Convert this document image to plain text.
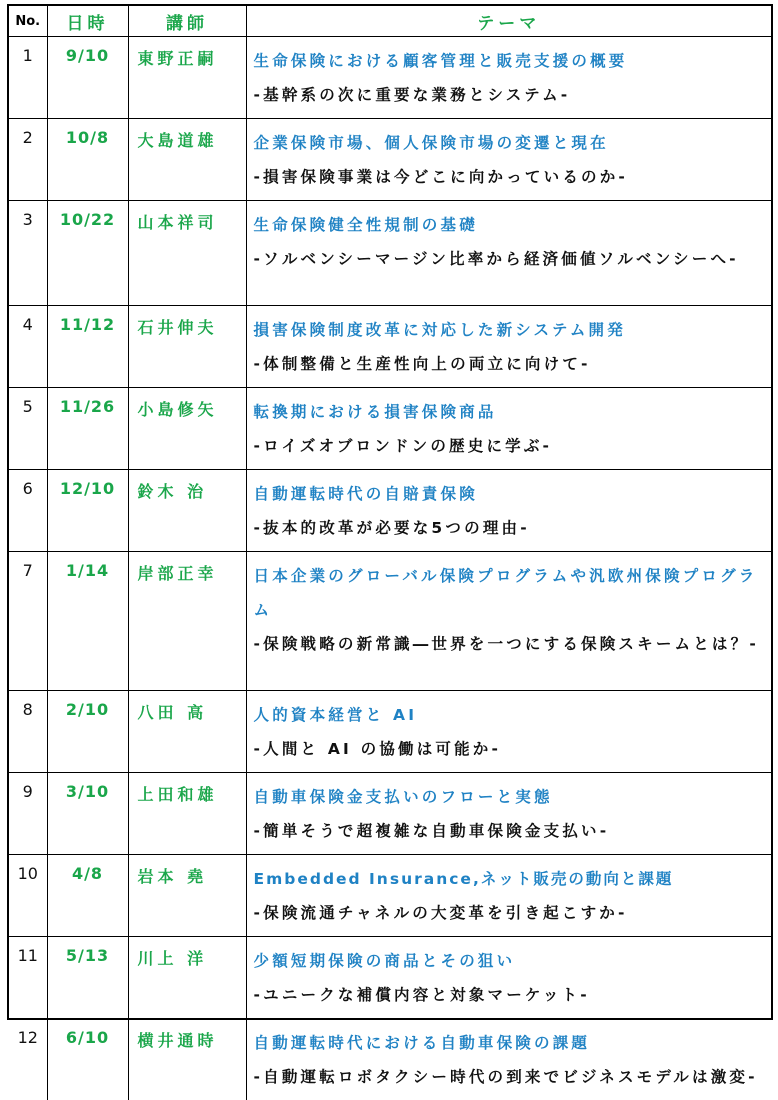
No.	日時	講師	テーマ
1	9/10	東野正嗣	生命保険における顧客管理と販売支援の概要
-基幹系の次に重要な業務とシステム-

2	10/8	大島道雄	企業保険市場、個人保険市場の変遷と現在
-損害保険事業は今どこに向かっているのか-

3	10/22	山本祥司	生命保険健全性規制の基礎
-ソルベンシーマージン比率から経済価値ソルベンシーへ-

4	11/12	石井伸夫	損害保険制度改革に対応した新システム開発
-体制整備と生産性向上の両立に向けて-

5	11/26	小島修矢	転換期における損害保険商品
-ロイズオブロンドンの歴史に学ぶ-

6	12/10	鈴木 治	自動運転時代の自賠責保険
-抜本的改革が必要な5つの理由-

7	1/14	岸部正幸	日本企業のグローバル保険プログラムや汎欧州保険プログラム
-保険戦略の新常識―世界を一つにする保険スキームとは？-

8	2/10	八田 高	人的資本経営と AI
-人間と AI の協働は可能か-

9	3/10	上田和雄	自動車保険金支払いのフローと実態
-簡単そうで超複雑な自動車保険金支払い-

10	4/8	岩本 堯	Embedded Insurance,ネット販売の動向と課題
-保険流通チャネルの大変革を引き起こすか-

11	5/13	川上 洋	少額短期保険の商品とその狙い
-ユニークな補償内容と対象マーケット-

12	6/10	横井通時	自動運転時代における自動車保険の課題
-自動運転ロボタクシー時代の到来でビジネスモデルは激変-
